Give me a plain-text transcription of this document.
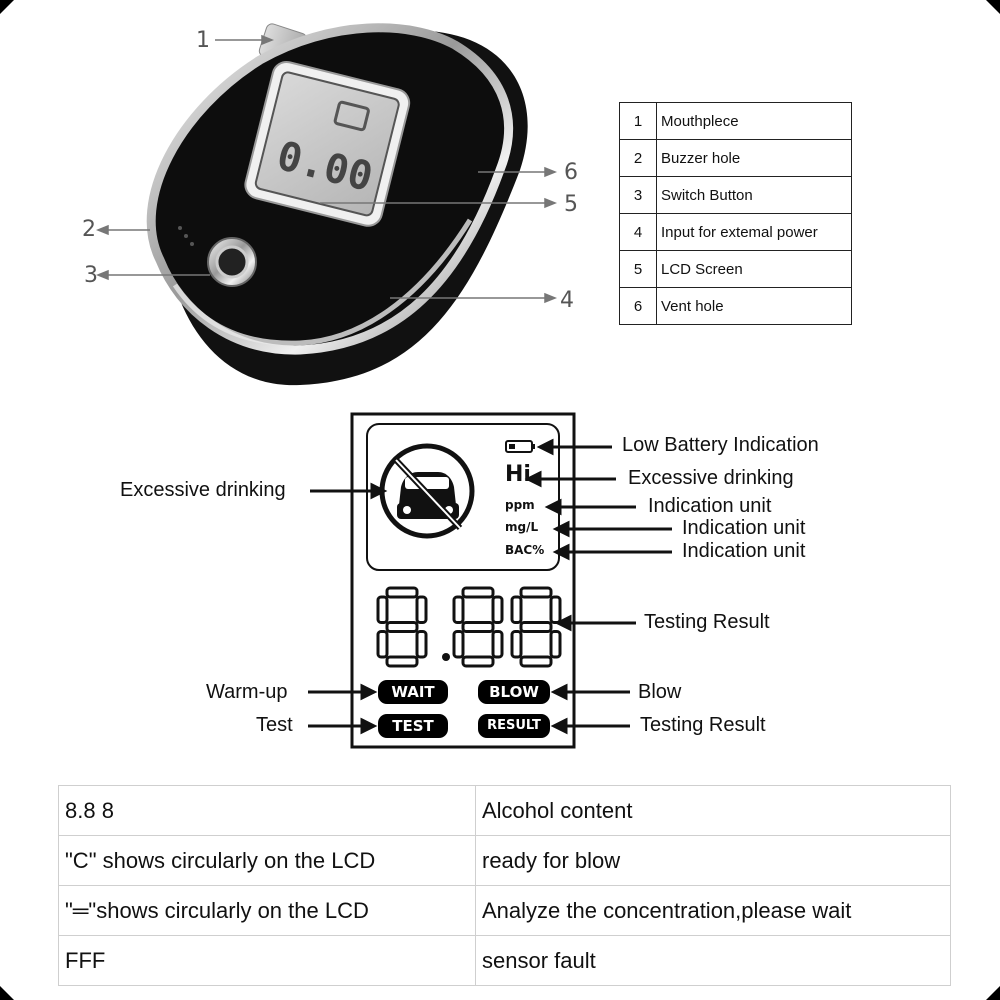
0.00
1
2
3
4
5
6
1	Mouthplece
2	Buzzer hole
3	Switch Button
4	Input for extemal power
5	LCD Screen
6	Vent hole
Hi
ppm
mg/L
BAC%
WAIT	BLOW
TEST	RESULT
Low Battery Indication
Excessive drinking
Excessive drinking
Indication unit
Indication unit
Indication unit
Testing Result
Warm-up	Blow
Test	Testing Result
8.8 8	Alcohol content
"C" shows circularly on the LCD	ready for blow
"═"shows circularly on the LCD	Analyze the concentration,please wait
FFF	sensor fault
